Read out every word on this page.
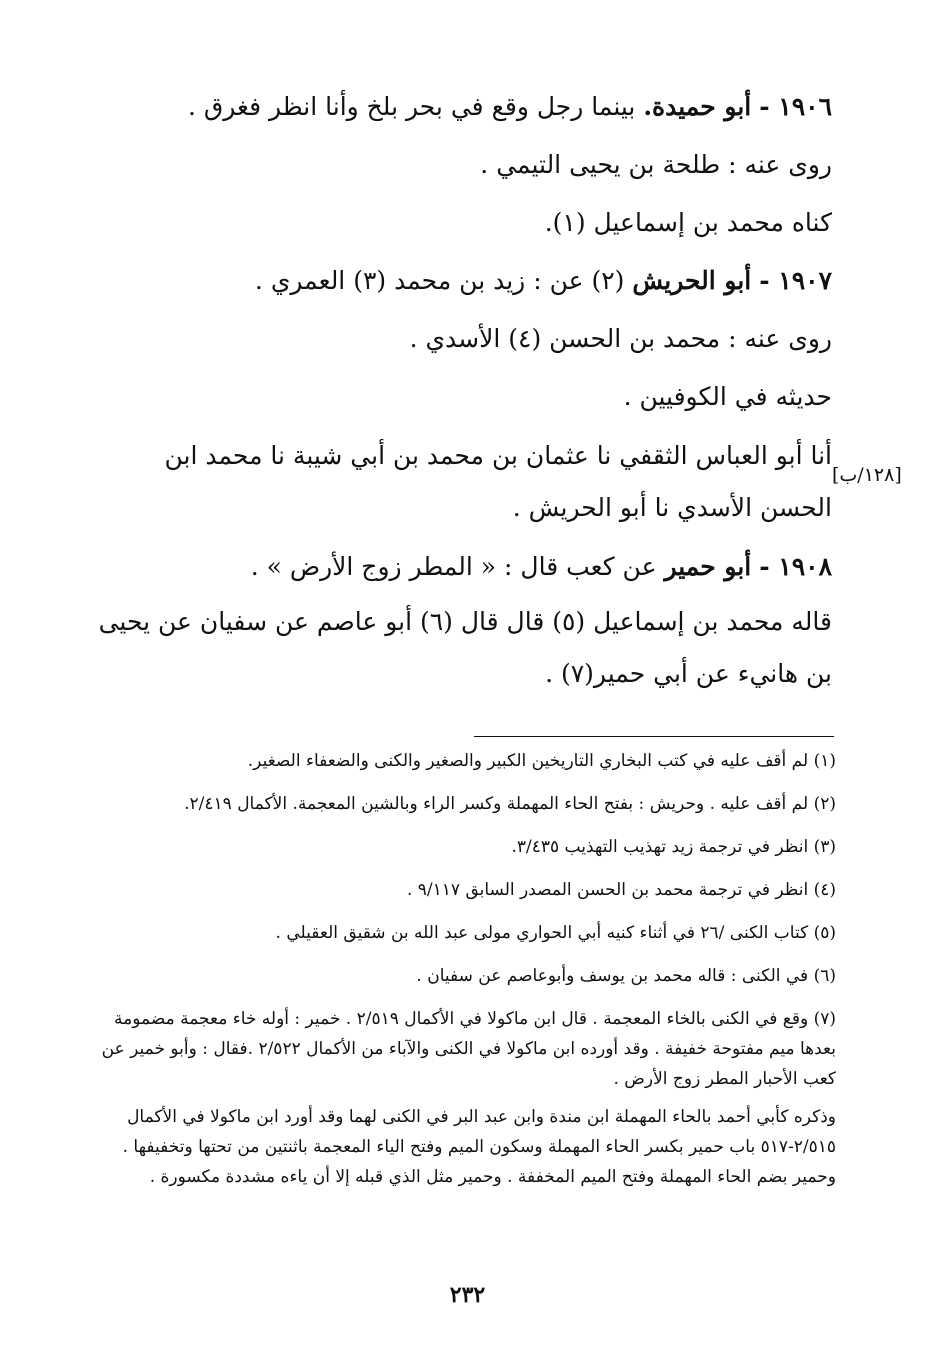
١٩٠٦ - أبو حميدة. بينما رجل وقع في بحر بلخ وأنا انظر فغرق .

روى عنه : طلحة بن يحيى التيمي .

كناه محمد بن إسماعيل (١).

١٩٠٧ - أبو الحريش (٢) عن : زيد بن محمد (٣) العمري .

روى عنه : محمد بن الحسن (٤) الأسدي .

حديثه في الكوفيين .

أنا أبو العباس الثقفي نا عثمان بن محمد بن أبي شيبة نا محمد ابن الحسن الأسدي نا أبو الحريش .

١٩٠٨ - أبو حمير عن كعب قال : « المطر زوج الأرض » .

قاله محمد بن إسماعيل (٥) قال قال (٦) أبو عاصم عن سفيان عن يحيى بن هانيء عن أبي حمير(٧) .

[١٢٨/ب]

(١) لم أقف عليه في كتب البخاري التاريخين الكبير والصغير والكنى والضعفاء الصغير.

(٢) لم أقف عليه . وحريش : بفتح الحاء المهملة وكسر الراء وبالشين المعجمة. الأكمال ٢/٤١٩.

(٣) انظر في ترجمة زيد تهذيب التهذيب ٣/٤٣٥.

(٤) انظر في ترجمة محمد بن الحسن المصدر السابق ٩/١١٧ .

(٥) كتاب الكنى /٢٦ في أثناء كنيه أبي الحواري مولى عبد الله بن شقيق العقيلي .

(٦) في الكنى : قاله محمد بن يوسف وأبوعاصم عن سفيان .

(٧) وقع في الكنى بالخاء المعجمة . قال ابن ماكولا في الأكمال ٢/٥١٩ . خمير : أوله خاء معجمة مضمومة بعدها ميم مفتوحة خفيفة . وقد أورده ابن ماكولا في الكنى والآباء من الأكمال ٢/٥٢٢ .فقال : وأبو خمير عن كعب الأحبار المطر زوج الأرض .

وذكره كأبي أحمد بالحاء المهملة ابن مندة وابن عبد البر في الكنى لهما وقد أورد ابن ماكولا في الأكمال ٢/٥١٥-٥١٧ باب حمير بكسر الحاء المهملة وسكون الميم وفتح الياء المعجمة باثنتين من تحتها وتخفيفها . وحمير بضم الحاء المهملة وفتح الميم المخففة . وحمير مثل الذي قبله إلا أن ياءه مشددة مكسورة .

٢٣٢
